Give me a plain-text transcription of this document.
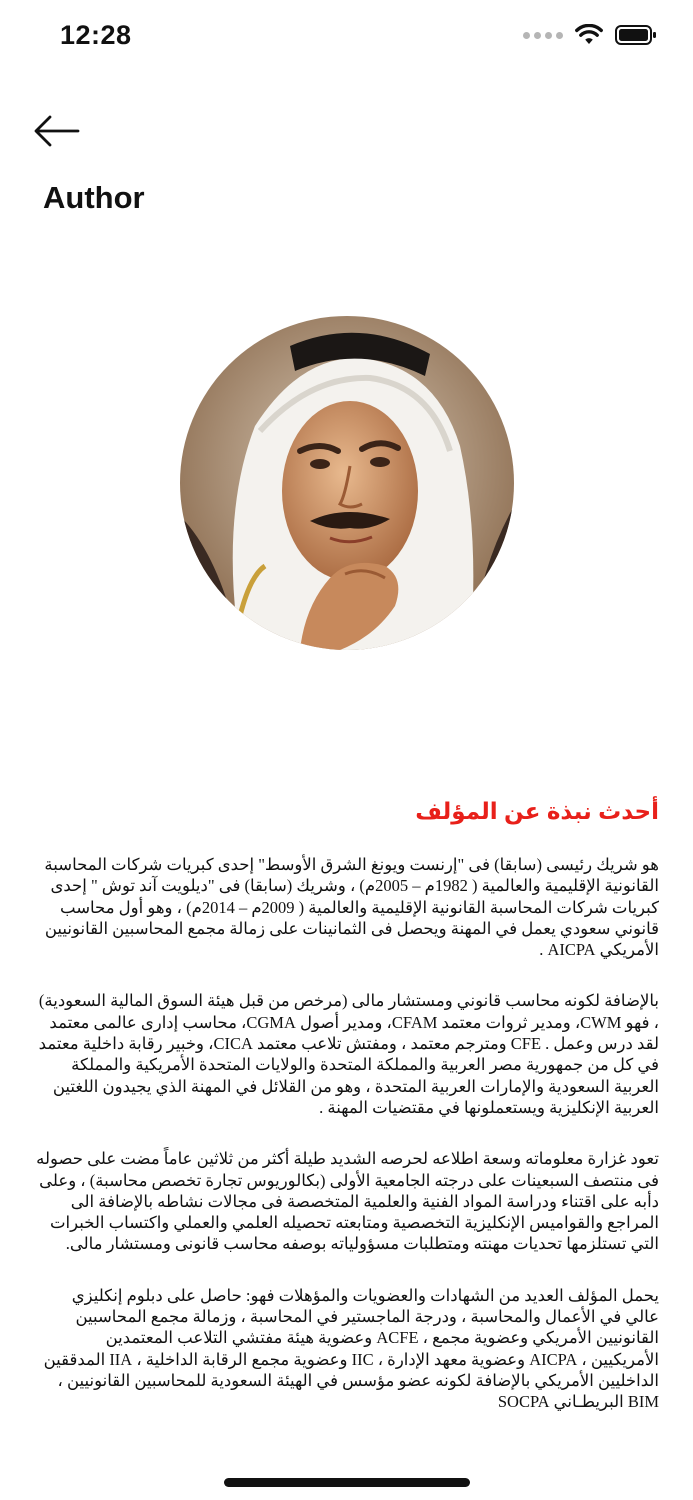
12:28
Author
أحدث نبذة عن المؤلف

هو شريك رئيسى (سابقا) فى "إرنست ويونغ الشرق الأوسط" إحدى كبريات شركات المحاسبة القانونية الإقليمية والعالمية ( 1982م – 2005م) ، وشريك (سابقا) فى "ديلويت آند توش " إحدى كبريات شركات المحاسبة القانونية الإقليمية والعالمية ( 2009م – 2014م) ، وهو أول محاسب قانوني سعودي يعمل في المهنة ويحصل فى الثمانينات على زمالة مجمع المحاسبين القانونيين الأمريكي AICPA .

بالإضافة لكونه محاسب قانوني ومستشار مالى (مرخص من قبل هيئة السوق المالية السعودية) ، فهو CWM، ومدير ثروات معتمد CFAM، ومدير أصول CGMA، محاسب إدارى عالمى معتمد لقد درس وعمل . CFE ومترجم معتمد ، ومفتش تلاعب معتمد CICA، وخبير رقابة داخلية معتمد في كل من جمهورية مصر العربية والمملكة المتحدة والولايات المتحدة الأمريكية والمملكة العربية السعودية والإمارات العربية المتحدة ، وهو من القلائل في المهنة الذي يجيدون اللغتين العربية الإنكليزية ويستعملونها في مقتضيات المهنة .

تعود غزارة معلوماته وسعة اطلاعه لحرصه الشديد طيلة أكثر من ثلاثين عاماً مضت على حصوله فى منتصف السبعينات على درجته الجامعية الأولى (بكالوريوس تجارة تخصص محاسبة) ، وعلى دأبه على اقتناء ودراسة المواد الفنية والعلمية المتخصصة فى مجالات نشاطه بالإضافة الى المراجع والقواميس الإنكليزية التخصصية ومتابعته تحصيله العلمي والعملي واكتساب الخبرات التي تستلزمها تحديات مهنته ومتطلبات مسؤولياته بوصفه محاسب قانونى ومستشار مالى.

يحمل المؤلف العديد من الشهادات والعضويات والمؤهلات فهو: حاصل على دبلوم إنكليزي عالي في الأعمال والمحاسبة ، ودرجة الماجستير في المحاسبة ، وزمالة مجمع المحاسبين القانونيين الأمريكي وعضوية مجمع ، ACFE وعضوية هيئة مفتشي التلاعب المعتمدين الأمريكيين ، AICPA وعضوية معهد الإدارة ، IIC وعضوية مجمع الرقابة الداخلية ، IIA المدققين الداخليين الأمريكي بالإضافة لكونه عضو مؤسس في الهيئة السعودية للمحاسبين القانونيين ، BIM البريطـاني SOCPA
